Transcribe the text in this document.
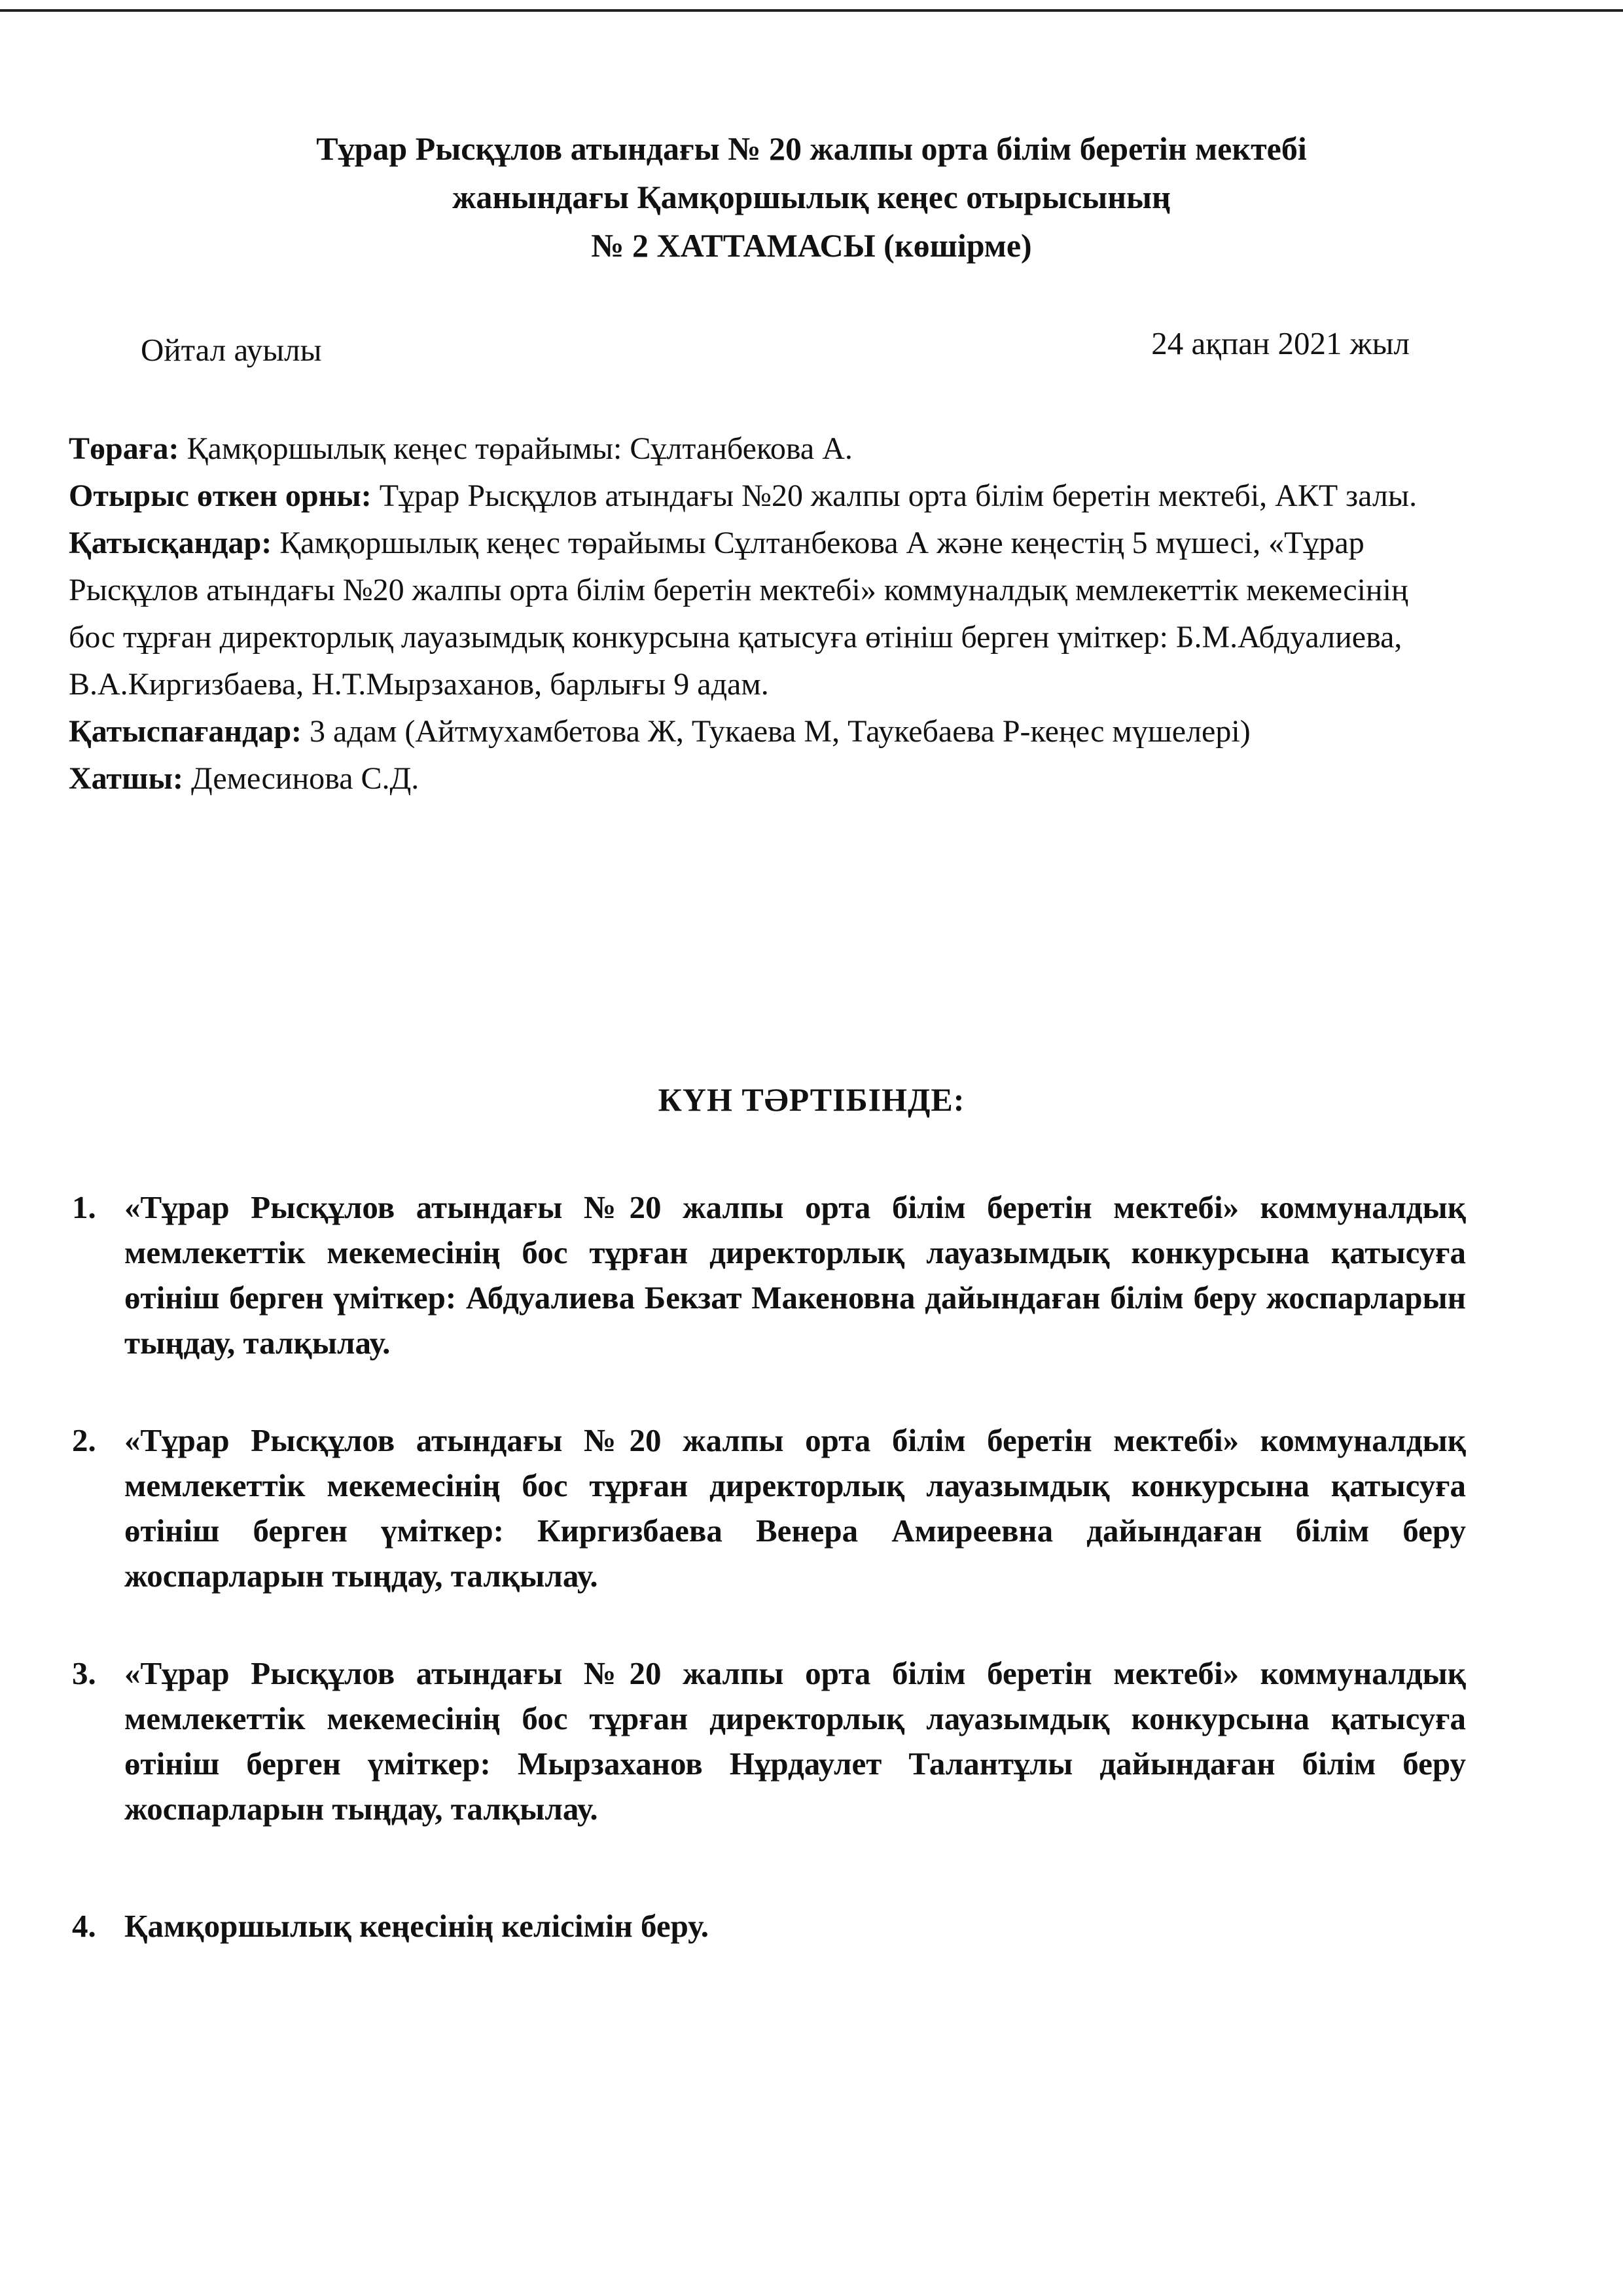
Тұрар Рысқұлов атындағы № 20 жалпы орта білім беретін мектебі
жанындағы Қамқоршылық кеңес отырысының
№ 2 ХАТТАМАСЫ (көшірме)
Ойтал ауылы	24 ақпан 2021 жыл

Төрағa: Қамқоршылық кеңес төрайымы: Сұлтанбекова А.

Отырыс өткен орны: Тұрар Рысқұлов атындағы №20 жалпы орта білім беретін мектебі, АКТ залы.

Қатысқандар: Қамқоршылық кеңес төрайымы Сұлтанбекова А және кеңестің 5 мүшесі, «Тұрар Рысқұлов атындағы №20 жалпы орта білім беретін мектебі» коммуналдық мемлекеттік мекемесінің бос тұрған директорлық лауазымдық конкурсына қатысуға өтініш берген үміткер: Б.М.Абдуалиева, В.А.Киргизбаева, Н.Т.Мырзаханов, барлығы 9 адам.

Қатыспағандар: 3 адам (Айтмухамбетова Ж, Тукаева М, Таукебаева Р-кеңес мүшелері)

Хатшы: Демесинова С.Д.

КҮН ТӘРТІБІНДЕ:
1. «Тұрар Рысқұлов атындағы №20 жалпы орта білім беретін мектебі» коммуналдық мемлекеттік мекемесінің бос тұрған директорлық лауазымдық конкурсына қатысуға өтініш берген үміткер: Абдуалиева Бекзат Макеновна дайындаған білім беру жоспарларын тыңдау, талқылау.
2. «Тұрар Рысқұлов атындағы №20 жалпы орта білім беретін мектебі» коммуналдық мемлекеттік мекемесінің бос тұрған директорлық лауазымдық конкурсына қатысуға өтініш берген үміткер: Киргизбаева Венера Амиреевна дайындаған білім беру жоспарларын тыңдау, талқылау.
3. «Тұрар Рысқұлов атындағы №20 жалпы орта білім беретін мектебі» коммуналдық мемлекеттік мекемесінің бос тұрған директорлық лауазымдық конкурсына қатысуға өтініш берген үміткер: Мырзаханов Нұрдаулет Талантұлы дайындаған білім беру жоспарларын тыңдау, талқылау.
4. Қамқоршылық кеңесінің келісімін беру.
